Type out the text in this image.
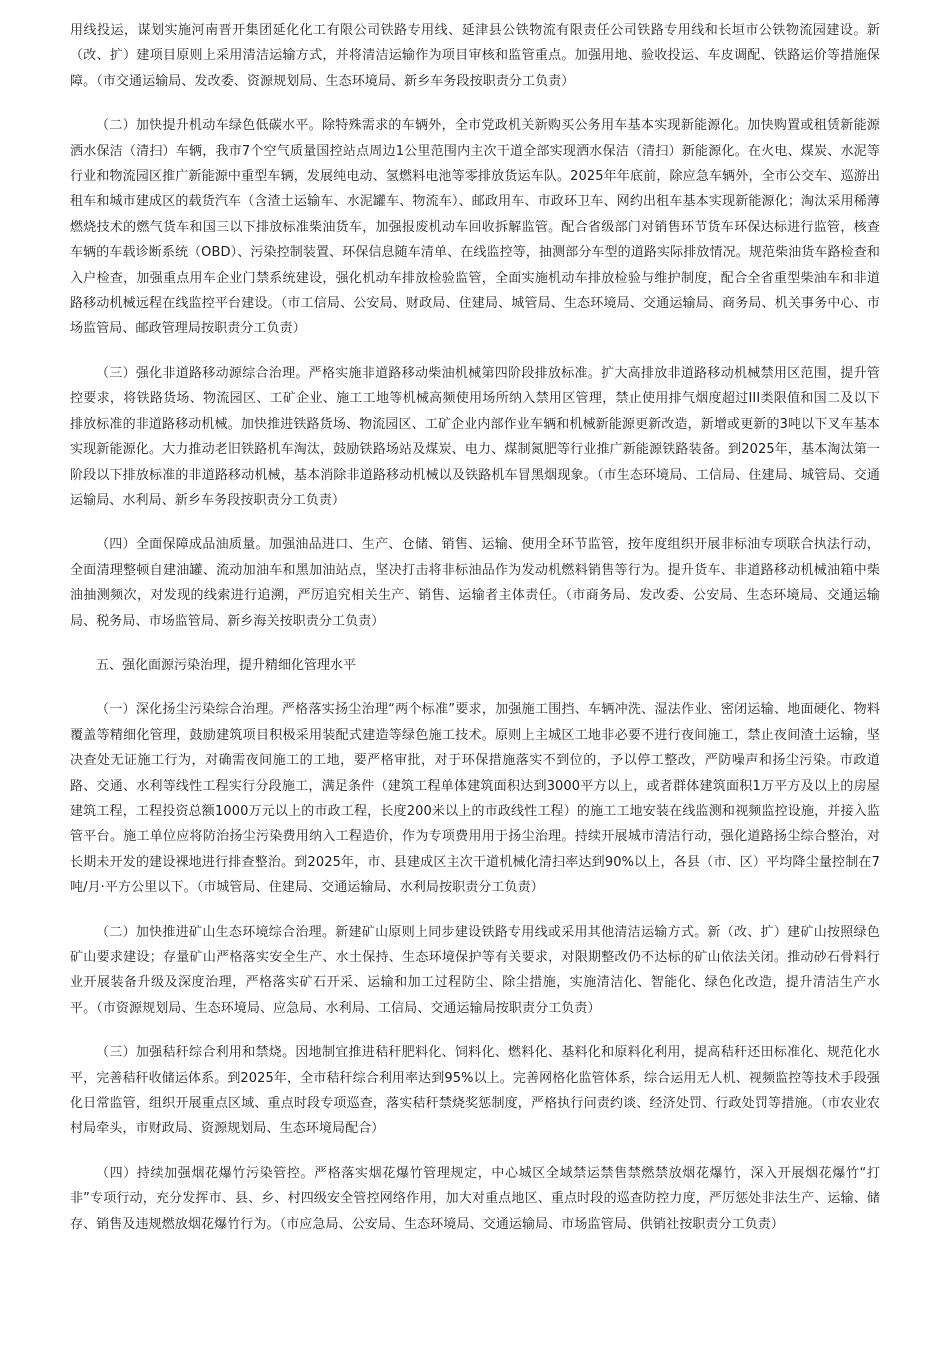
用线投运，谋划实施河南晋开集团延化化工有限公司铁路专用线、延津县公铁物流有限责任公司铁路专用线和长垣市公铁物流园建设。新（改、扩）建项目原则上采用清洁运输方式，并将清洁运输作为项目审核和监管重点。加强用地、验收投运、车皮调配、铁路运价等措施保障。（市交通运输局、发改委、资源规划局、生态环境局、新乡车务段按职责分工负责）

（二）加快提升机动车绿色低碳水平。除特殊需求的车辆外，全市党政机关新购买公务用车基本实现新能源化。加快购置或租赁新能源洒水保洁（清扫）车辆，我市7个空气质量国控站点周边1公里范围内主次干道全部实现洒水保洁（清扫）新能源化。在火电、煤炭、水泥等行业和物流园区推广新能源中重型车辆，发展纯电动、氢燃料电池等零排放货运车队。2025年年底前，除应急车辆外，全市公交车、巡游出租车和城市建成区的载货汽车（含渣土运输车、水泥罐车、物流车）、邮政用车、市政环卫车、网约出租车基本实现新能源化；淘汰采用稀薄燃烧技术的燃气货车和国三以下排放标准柴油货车，加强报废机动车回收拆解监管。配合省级部门对销售环节货车环保达标进行监管，核查车辆的车载诊断系统（OBD）、污染控制装置、环保信息随车清单、在线监控等，抽测部分车型的道路实际排放情况。规范柴油货车路检查和入户检查，加强重点用车企业门禁系统建设，强化机动车排放检验监管，全面实施机动车排放检验与维护制度，配合全省重型柴油车和非道路移动机械远程在线监控平台建设。（市工信局、公安局、财政局、住建局、城管局、生态环境局、交通运输局、商务局、机关事务中心、市场监管局、邮政管理局按职责分工负责）

（三）强化非道路移动源综合治理。严格实施非道路移动柴油机械第四阶段排放标准。扩大高排放非道路移动机械禁用区范围，提升管控要求，将铁路货场、物流园区、工矿企业、施工工地等机械高频使用场所纳入禁用区管理，禁止使用排气烟度超过III类限值和国二及以下排放标准的非道路移动机械。加快推进铁路货场、物流园区、工矿企业内部作业车辆和机械新能源更新改造，新增或更新的3吨以下叉车基本实现新能源化。大力推动老旧铁路机车淘汰，鼓励铁路场站及煤炭、电力、煤制氮肥等行业推广新能源铁路装备。到2025年，基本淘汰第一阶段以下排放标准的非道路移动机械，基本消除非道路移动机械以及铁路机车冒黑烟现象。（市生态环境局、工信局、住建局、城管局、交通运输局、水利局、新乡车务段按职责分工负责）

（四）全面保障成品油质量。加强油品进口、生产、仓储、销售、运输、使用全环节监管，按年度组织开展非标油专项联合执法行动，全面清理整顿自建油罐、流动加油车和黑加油站点，坚决打击将非标油品作为发动机燃料销售等行为。提升货车、非道路移动机械油箱中柴油抽测频次，对发现的线索进行追溯，严厉追究相关生产、销售、运输者主体责任。（市商务局、发改委、公安局、生态环境局、交通运输局、税务局、市场监管局、新乡海关按职责分工负责）

五、强化面源污染治理，提升精细化管理水平

（一）深化扬尘污染综合治理。严格落实扬尘治理“两个标准”要求，加强施工围挡、车辆冲洗、湿法作业、密闭运输、地面硬化、物料覆盖等精细化管理，鼓励建筑项目积极采用装配式建造等绿色施工技术。原则上主城区工地非必要不进行夜间施工，禁止夜间渣土运输，坚决查处无证施工行为，对确需夜间施工的工地，要严格审批，对于环保措施落实不到位的，予以停工整改，严防噪声和扬尘污染。市政道路、交通、水利等线性工程实行分段施工，满足条件（建筑工程单体建筑面积达到3000平方以上，或者群体建筑面积1万平方及以上的房屋建筑工程，工程投资总额1000万元以上的市政工程，长度200米以上的市政线性工程）的施工工地安装在线监测和视频监控设施，并接入监管平台。施工单位应将防治扬尘污染费用纳入工程造价，作为专项费用用于扬尘治理。持续开展城市清洁行动，强化道路扬尘综合整治，对长期未开发的建设裸地进行排查整治。到2025年，市、县建成区主次干道机械化清扫率达到90%以上，各县（市、区）平均降尘量控制在7吨/月·平方公里以下。（市城管局、住建局、交通运输局、水利局按职责分工负责）

（二）加快推进矿山生态环境综合治理。新建矿山原则上同步建设铁路专用线或采用其他清洁运输方式。新（改、扩）建矿山按照绿色矿山要求建设；存量矿山严格落实安全生产、水土保持、生态环境保护等有关要求，对限期整改仍不达标的矿山依法关闭。推动砂石骨料行业开展装备升级及深度治理，严格落实矿石开采、运输和加工过程防尘、除尘措施，实施清洁化、智能化、绿色化改造，提升清洁生产水平。（市资源规划局、生态环境局、应急局、水利局、工信局、交通运输局按职责分工负责）

（三）加强秸秆综合利用和禁烧。因地制宜推进秸秆肥料化、饲料化、燃料化、基料化和原料化利用，提高秸秆还田标准化、规范化水平，完善秸秆收储运体系。到2025年，全市秸秆综合利用率达到95%以上。完善网格化监管体系，综合运用无人机、视频监控等技术手段强化日常监管，组织开展重点区域、重点时段专项巡查，落实秸秆禁烧奖惩制度，严格执行问责约谈、经济处罚、行政处罚等措施。（市农业农村局牵头，市财政局、资源规划局、生态环境局配合）

（四）持续加强烟花爆竹污染管控。严格落实烟花爆竹管理规定，中心城区全域禁运禁售禁燃禁放烟花爆竹，深入开展烟花爆竹“打非”专项行动，充分发挥市、县、乡、村四级安全管控网络作用，加大对重点地区、重点时段的巡查防控力度，严厉惩处非法生产、运输、储存、销售及违规燃放烟花爆竹行为。（市应急局、公安局、生态环境局、交通运输局、市场监管局、供销社按职责分工负责）
